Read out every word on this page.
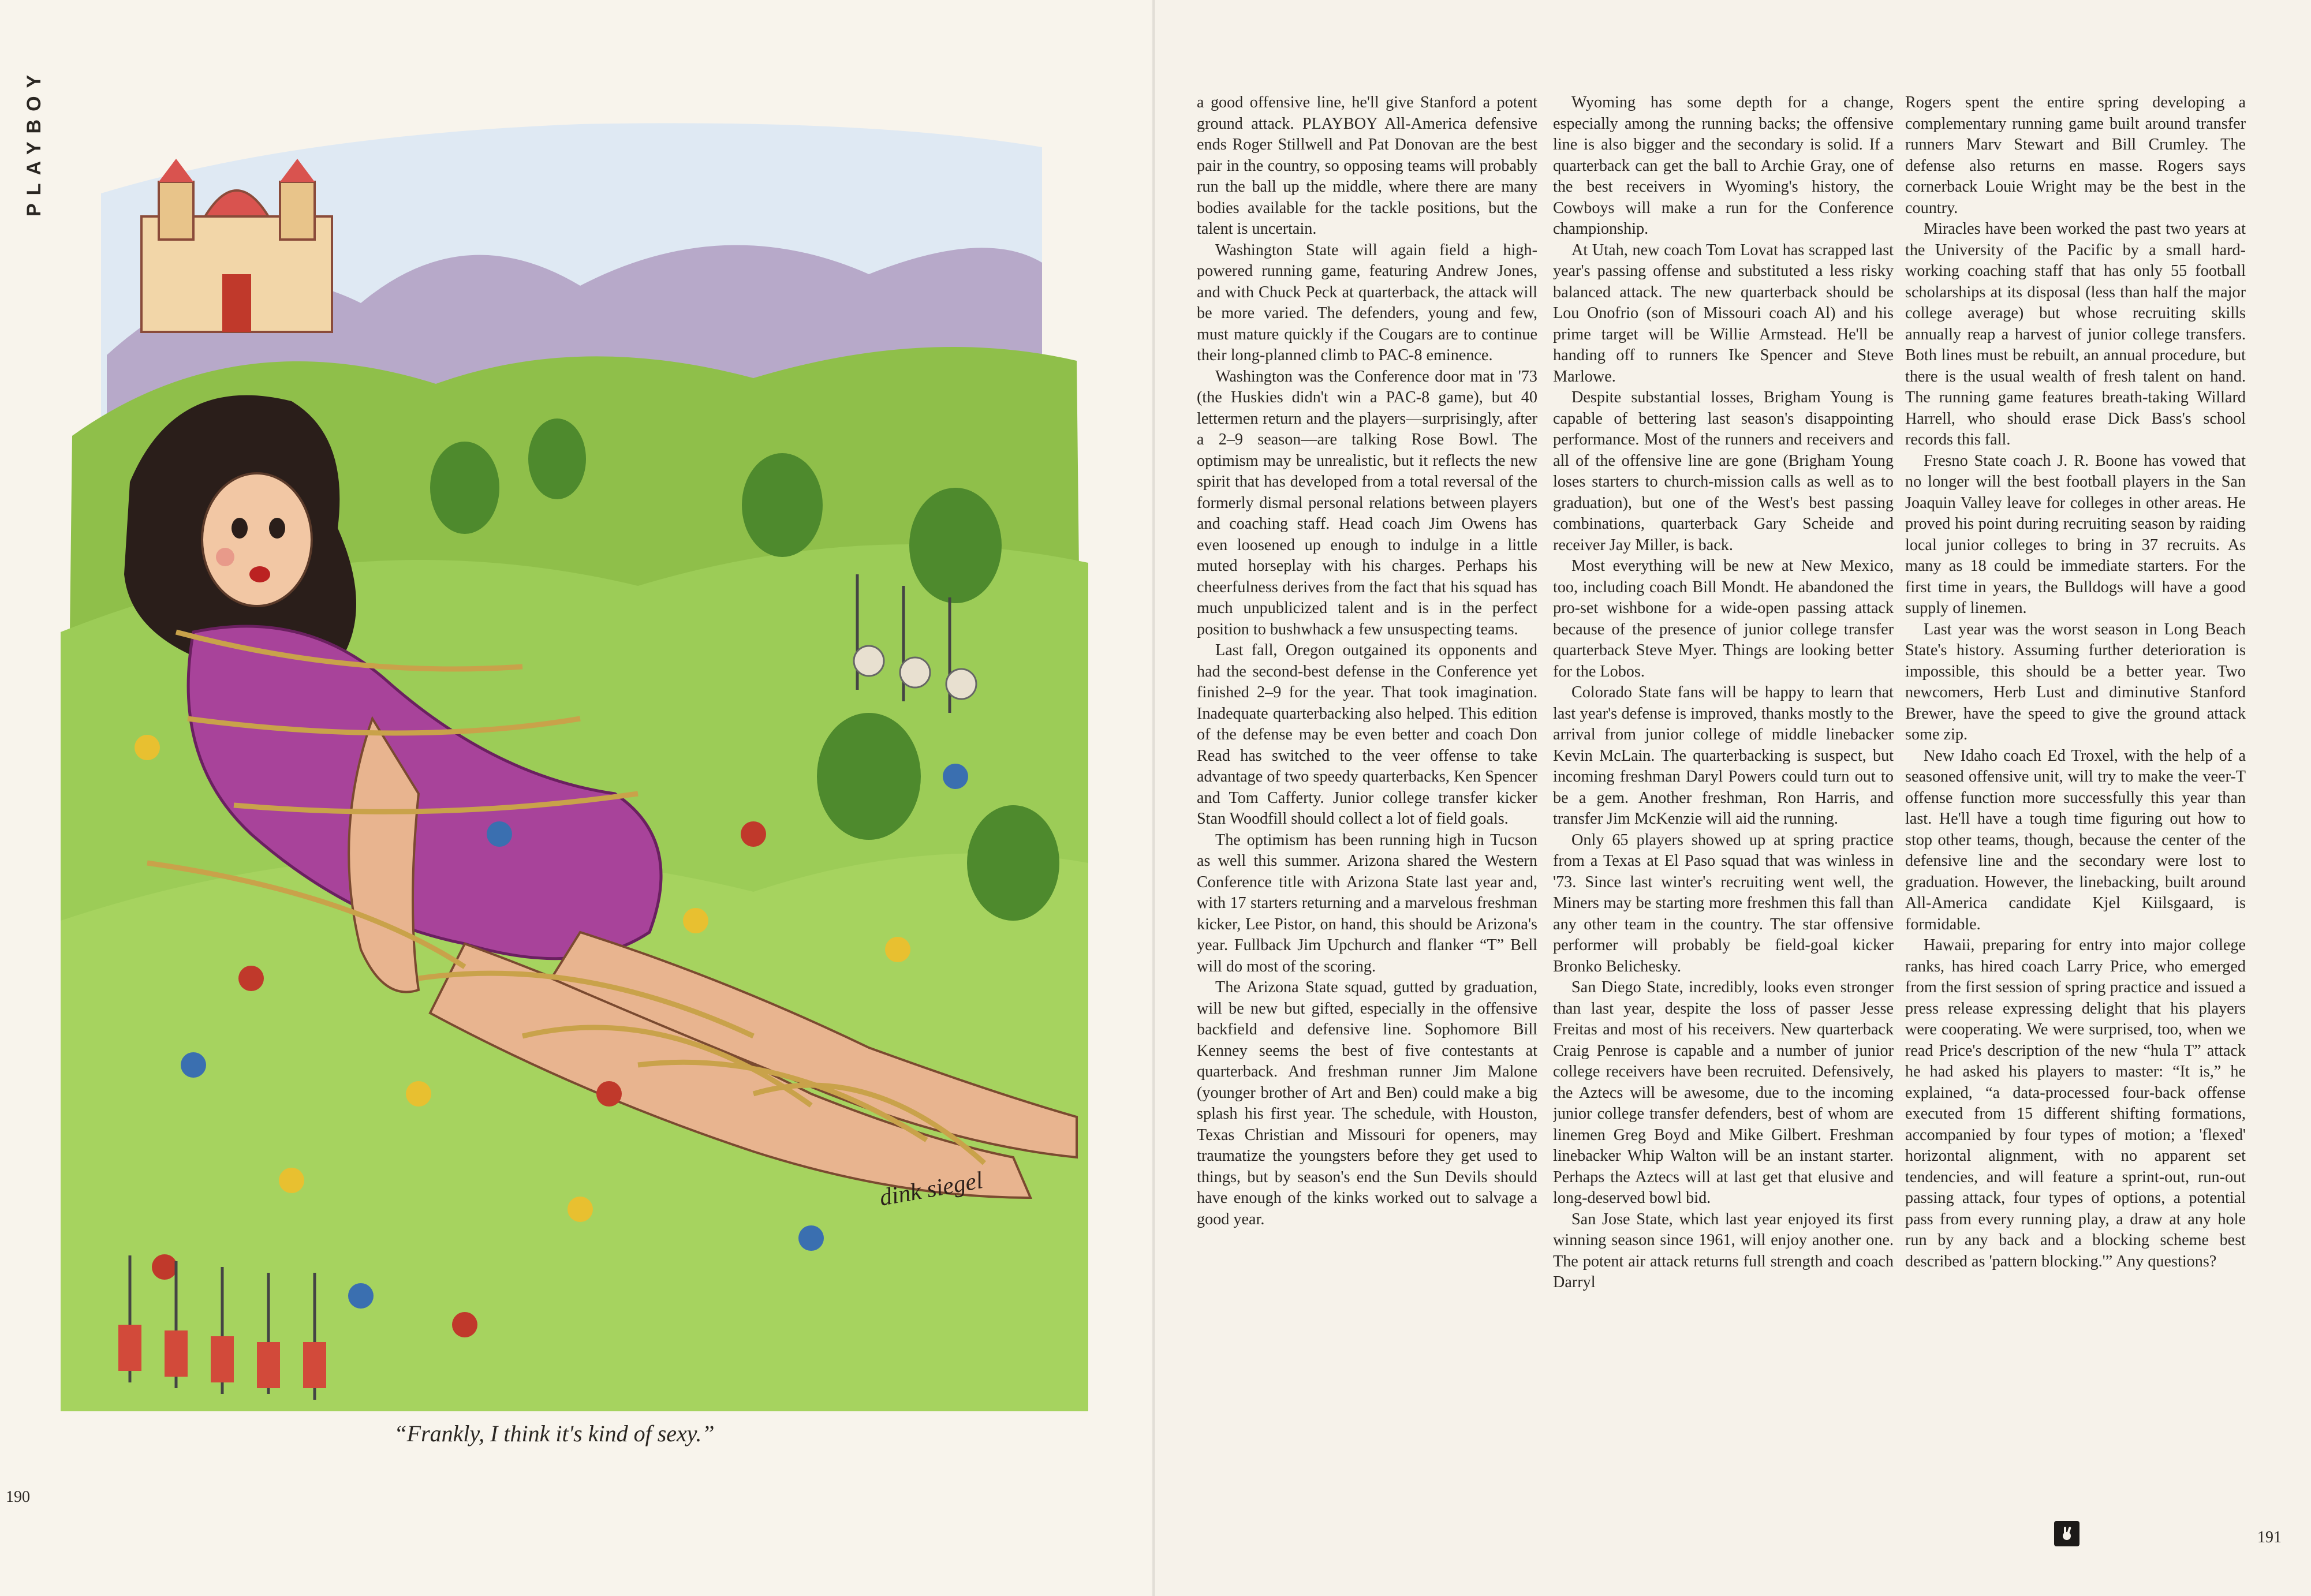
PLAYBOY
dink siegel
“Frankly, I think it's kind of sexy.”
190

a good offensive line, he'll give Stanford a potent ground attack. PLAYBOY All-America defensive ends Roger Stillwell and Pat Donovan are the best pair in the country, so opposing teams will probably run the ball up the middle, where there are many bodies available for the tackle positions, but the talent is uncertain.

Washington State will again field a high-powered running game, featuring Andrew Jones, and with Chuck Peck at quarterback, the attack will be more varied. The defenders, young and few, must mature quickly if the Cougars are to continue their long-planned climb to PAC-8 eminence.

Washington was the Conference door mat in '73 (the Huskies didn't win a PAC-8 game), but 40 lettermen return and the players—surprisingly, after a 2–9 season—are talking Rose Bowl. The optimism may be unrealistic, but it reflects the new spirit that has developed from a total reversal of the formerly dismal personal relations between players and coaching staff. Head coach Jim Owens has even loosened up enough to indulge in a little muted horseplay with his charges. Perhaps his cheerfulness derives from the fact that his squad has much unpublicized talent and is in the perfect position to bushwhack a few unsuspecting teams.

Last fall, Oregon outgained its opponents and had the second-best defense in the Conference yet finished 2–9 for the year. That took imagination. Inadequate quarterbacking also helped. This edition of the defense may be even better and coach Don Read has switched to the veer offense to take advantage of two speedy quarterbacks, Ken Spencer and Tom Cafferty. Junior college transfer kicker Stan Woodfill should collect a lot of field goals.

The optimism has been running high in Tucson as well this summer. Arizona shared the Western Conference title with Arizona State last year and, with 17 starters returning and a marvelous freshman kicker, Lee Pistor, on hand, this should be Arizona's year. Fullback Jim Upchurch and flanker “T” Bell will do most of the scoring.

The Arizona State squad, gutted by graduation, will be new but gifted, especially in the offensive backfield and defensive line. Sophomore Bill Kenney seems the best of five contestants at quarterback. And freshman runner Jim Malone (younger brother of Art and Ben) could make a big splash his first year. The schedule, with Houston, Texas Christian and Missouri for openers, may traumatize the youngsters before they get used to things, but by season's end the Sun Devils should have enough of the kinks worked out to salvage a good year.

Wyoming has some depth for a change, especially among the running backs; the offensive line is also bigger and the secondary is solid. If a quarterback can get the ball to Archie Gray, one of the best receivers in Wyoming's history, the Cowboys will make a run for the Conference championship.

At Utah, new coach Tom Lovat has scrapped last year's passing offense and substituted a less risky balanced attack. The new quarterback should be Lou Onofrio (son of Missouri coach Al) and his prime target will be Willie Armstead. He'll be handing off to runners Ike Spencer and Steve Marlowe.

Despite substantial losses, Brigham Young is capable of bettering last season's disappointing performance. Most of the runners and receivers and all of the offensive line are gone (Brigham Young loses starters to church-mission calls as well as to graduation), but one of the West's best passing combinations, quarterback Gary Scheide and receiver Jay Miller, is back.

Most everything will be new at New Mexico, too, including coach Bill Mondt. He abandoned the pro-set wishbone for a wide-open passing attack because of the presence of junior college transfer quarterback Steve Myer. Things are looking better for the Lobos.

Colorado State fans will be happy to learn that last year's defense is improved, thanks mostly to the arrival from junior college of middle linebacker Kevin McLain. The quarterbacking is suspect, but incoming freshman Daryl Powers could turn out to be a gem. Another freshman, Ron Harris, and transfer Jim McKenzie will aid the running.

Only 65 players showed up at spring practice from a Texas at El Paso squad that was winless in '73. Since last winter's recruiting went well, the Miners may be starting more freshmen this fall than any other team in the country. The star offensive performer will probably be field-goal kicker Bronko Belichesky.

San Diego State, incredibly, looks even stronger than last year, despite the loss of passer Jesse Freitas and most of his receivers. New quarterback Craig Penrose is capable and a number of junior college receivers have been recruited. Defensively, the Aztecs will be awesome, due to the incoming junior college transfer defenders, best of whom are linemen Greg Boyd and Mike Gilbert. Freshman linebacker Whip Walton will be an instant starter. Perhaps the Aztecs will at last get that elusive and long-deserved bowl bid.

San Jose State, which last year enjoyed its first winning season since 1961, will enjoy another one. The potent air attack returns full strength and coach Darryl

Rogers spent the entire spring developing a complementary running game built around transfer runners Marv Stewart and Bill Crumley. The defense also returns en masse. Rogers says cornerback Louie Wright may be the best in the country.

Miracles have been worked the past two years at the University of the Pacific by a small hard-working coaching staff that has only 55 football scholarships at its disposal (less than half the major college average) but whose recruiting skills annually reap a harvest of junior college transfers. Both lines must be rebuilt, an annual procedure, but there is the usual wealth of fresh talent on hand. The running game features breath-taking Willard Harrell, who should erase Dick Bass's school records this fall.

Fresno State coach J. R. Boone has vowed that no longer will the best football players in the San Joaquin Valley leave for colleges in other areas. He proved his point during recruiting season by raiding local junior colleges to bring in 37 recruits. As many as 18 could be immediate starters. For the first time in years, the Bulldogs will have a good supply of linemen.

Last year was the worst season in Long Beach State's history. Assuming further deterioration is impossible, this should be a better year. Two newcomers, Herb Lust and diminutive Stanford Brewer, have the speed to give the ground attack some zip.

New Idaho coach Ed Troxel, with the help of a seasoned offensive unit, will try to make the veer-T offense function more successfully this year than last. He'll have a tough time figuring out how to stop other teams, though, because the center of the defensive line and the secondary were lost to graduation. However, the linebacking, built around All-America candidate Kjel Kiilsgaard, is formidable.

Hawaii, preparing for entry into major college ranks, has hired coach Larry Price, who emerged from the first session of spring practice and issued a press release expressing delight that his players were cooperating. We were surprised, too, when we read Price's description of the new “hula T” attack he had asked his players to master: “It is,” he explained, “a data-processed four-back offense executed from 15 different shifting formations, accompanied by four types of motion; a 'flexed' horizontal alignment, with no apparent set tendencies, and will feature a sprint-out, run-out passing attack, four types of options, a potential pass from every running play, a draw at any hole run by any back and a blocking scheme best described as 'pattern blocking.'” Any questions?

191
